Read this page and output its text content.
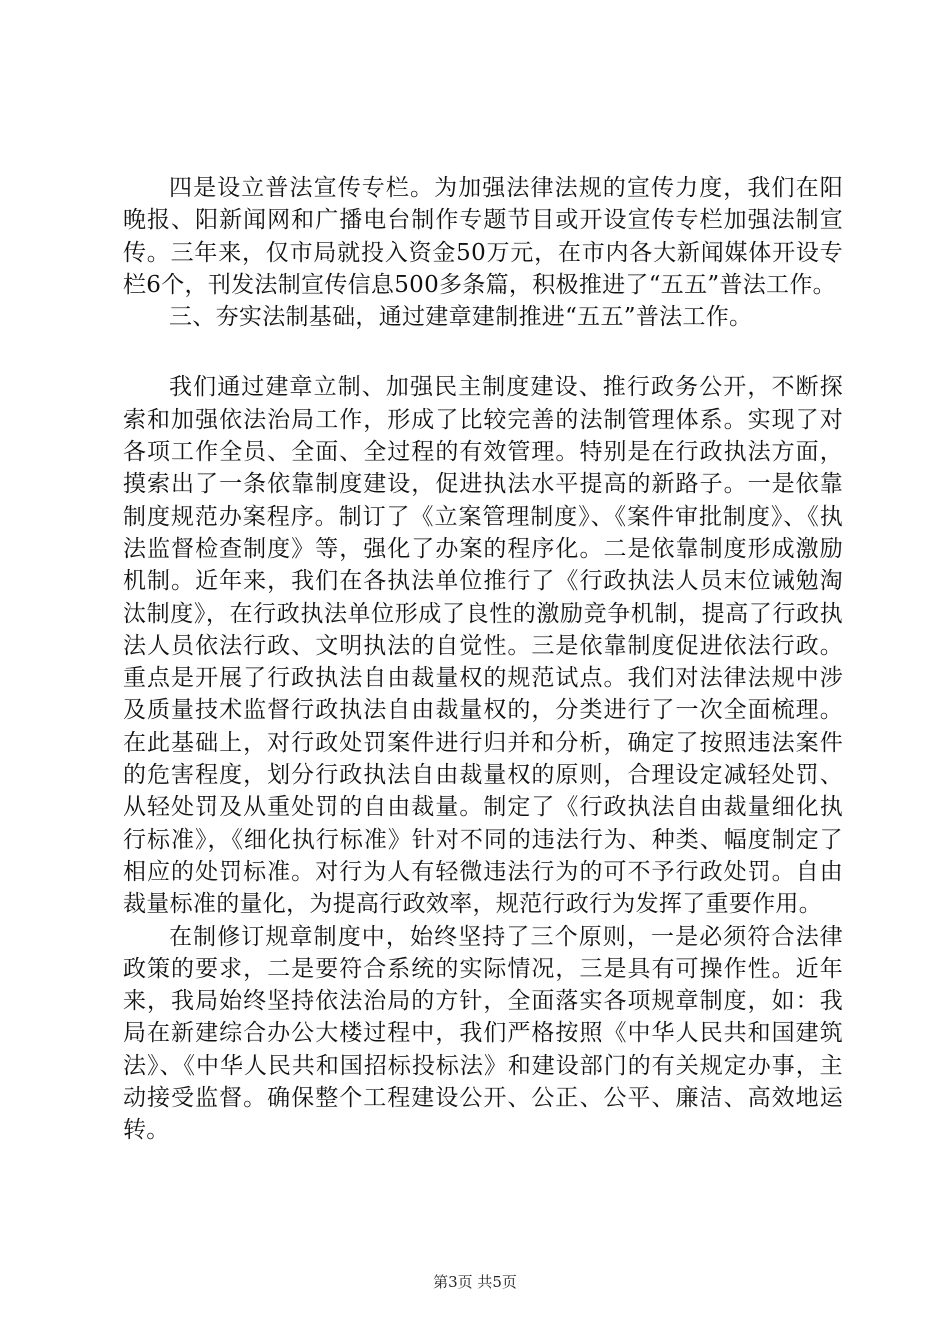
四是设立普法宣传专栏。为加强法律法规的宣传力度，我们在阳晚报、阳新闻网和广播电台制作专题节目或开设宣传专栏加强法制宣传。三年来，仅市局就投入资金50万元，在市内各大新闻媒体开设专栏6个，刊发法制宣传信息500多条篇，积极推进了“五五”普法工作。

三、夯实法制基础，通过建章建制推进“五五”普法工作。

我们通过建章立制、加强民主制度建设、推行政务公开，不断探索和加强依法治局工作，形成了比较完善的法制管理体系。实现了对各项工作全员、全面、全过程的有效管理。特别是在行政执法方面，摸索出了一条依靠制度建设，促进执法水平提高的新路子。一是依靠制度规范办案程序。制订了《立案管理制度》、《案件审批制度》、《执法监督检查制度》等，强化了办案的程序化。二是依靠制度形成激励机制。近年来，我们在各执法单位推行了《行政执法人员末位诫勉淘汰制度》，在行政执法单位形成了良性的激励竞争机制，提高了行政执法人员依法行政、文明执法的自觉性。三是依靠制度促进依法行政。重点是开展了行政执法自由裁量权的规范试点。我们对法律法规中涉及质量技术监督行政执法自由裁量权的，分类进行了一次全面梳理。在此基础上，对行政处罚案件进行归并和分析，确定了按照违法案件的危害程度，划分行政执法自由裁量权的原则，合理设定减轻处罚、从轻处罚及从重处罚的自由裁量。制定了《行政执法自由裁量细化执行标准》，《细化执行标准》针对不同的违法行为、种类、幅度制定了相应的处罚标准。对行为人有轻微违法行为的可不予行政处罚。自由裁量标准的量化，为提高行政效率，规范行政行为发挥了重要作用。

在制修订规章制度中，始终坚持了三个原则，一是必须符合法律政策的要求，二是要符合系统的实际情况，三是具有可操作性。近年来，我局始终坚持依法治局的方针，全面落实各项规章制度，如：我局在新建综合办公大楼过程中，我们严格按照《中华人民共和国建筑法》、《中华人民共和国招标投标法》和建设部门的有关规定办事，主动接受监督。确保整个工程建设公开、公正、公平、廉洁、高效地运转。

第3页 共5页
